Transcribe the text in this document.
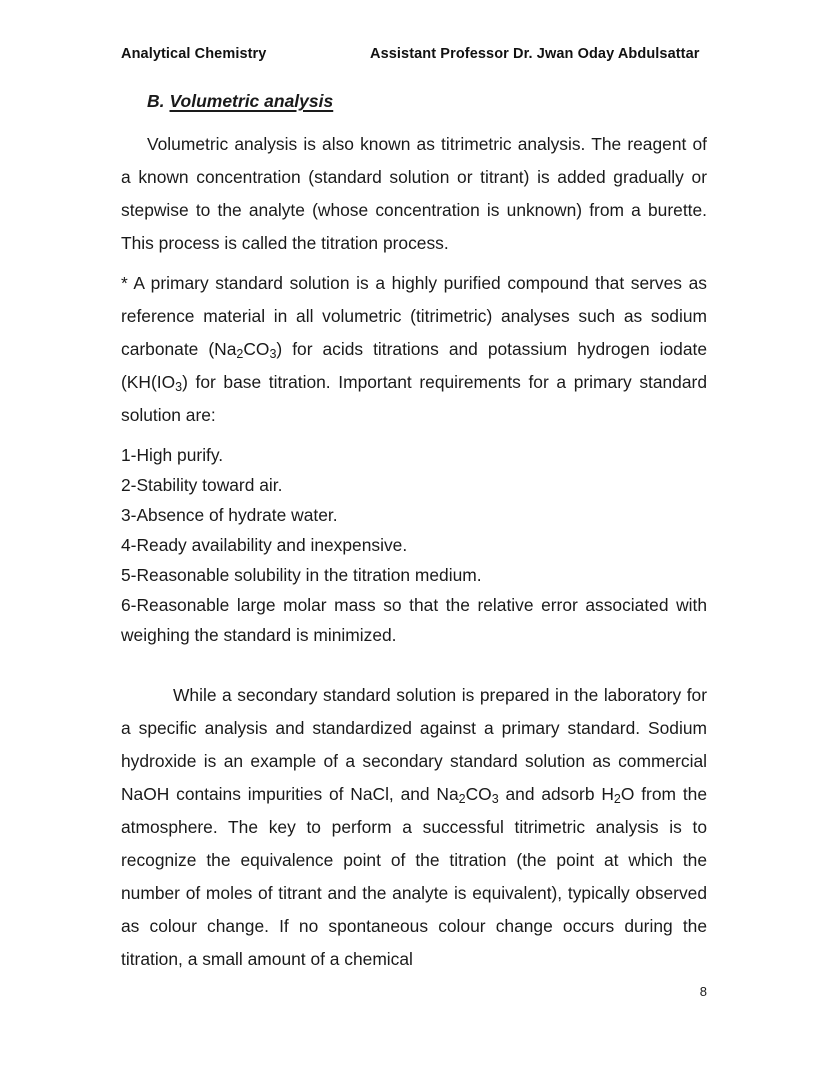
Analytical Chemistry	Assistant Professor Dr. Jwan Oday Abdulsattar
B. Volumetric analysis

Volumetric analysis is also known as titrimetric analysis. The reagent of a known concentration (standard solution or titrant) is added gradually or stepwise to the analyte (whose concentration is unknown) from a burette. This process is called the titration process.

* A primary standard solution is a highly purified compound that serves as reference material in all volumetric (titrimetric) analyses such as sodium carbonate $(Na_2CO_3)$ for acids titrations and potassium hydrogen iodate ($KH(IO_3)$ for base titration. Important requirements for a primary standard solution are:

1-High purify.
2-Stability toward air.
3-Absence of hydrate water.
4-Ready availability and inexpensive.
5-Reasonable solubility in the titration medium.
6-Reasonable large molar mass so that the relative error associated with weighing the standard is minimized.

While a secondary standard solution is prepared in the laboratory for a specific analysis and standardized against a primary standard. Sodium hydroxide is an example of a secondary standard solution as commercial NaOH contains impurities of NaCl, and $Na_2CO_3$ and adsorb $H_2O$ from the atmosphere. The key to perform a successful titrimetric analysis is to recognize the equivalence point of the titration (the point at which the number of moles of titrant and the analyte is equivalent), typically observed as colour change. If no spontaneous colour change occurs during the titration, a small amount of a chemical

8
